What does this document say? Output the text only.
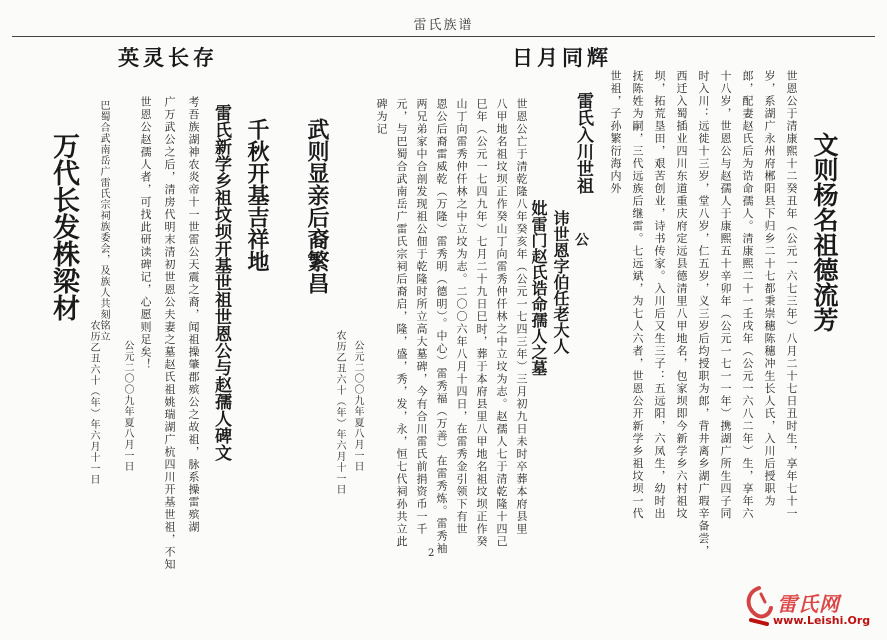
雷氏族谱
英灵长存
万代长发株梁材 巴蜀合武南岳广雷氏宗祠族委会，及族人共刻铭立
农历乙丑六十（年）年六月十一日 公元二〇〇九年夏八月一日
世恩公赵孺人者，可找此研读碑记，心愿则足矣！ 广万武公之后，清房代明末清初世恩公夫妻之墓赵氏祖姚瑞湖广杭四川开基世祖，不知 考吾族湖神农炎帝十一世雷公天震之裔，闻祖操肇郡殡公之故祖，脉系操雷殡湖 雷氏新学乡祖坟坝开基世祖世恩公与赵孺人碑文 千秋开基吉祥地 武则显亲后裔繁昌
公元二〇〇九年夏八月一日
农历乙丑六十（年）年六月十一日
日月同辉
文则杨名祖德流芳
世恩公于清康熙十二癸丑年（公元一六七三年）八月二十七日丑时生，享年七十一
岁，系湖广永州府郴阳县下归乡二十七都秉崇穗陈穗冲生长人氏，入川后授职为
郎，配妻赵氏后为诰命孺人。清康熙二十一壬戌年（公元一六八二年）生，享年六
十八岁，世恩公与赵孺人于康熙五十辛卯年（公元一七一一年）携湖广所生四子同
时入川：远徙十三岁，堂八岁，仁五岁，义三岁后均授职为郎，背井离乡湖广瑕辛备尝，
西迁入蜀插业四川东道重庆府定远县德清里八甲地名，包家坝即今新学乡六村祖坟
坝，拓荒垦田，艰苦创业，诗书传家。入川后又生三子：五远阳，六凤生，幼时出
抚陈姓为嗣，三代远族后继雷。七远斌，为七人六者，世恩公开新学乡祖坟坝一代
世祖，子孙繁衍海内外
雷氏入川世祖
公
讳世恩字伯任老大人
妣雷门赵氏诰命孺人之墓
世恩公亡于清乾隆八年癸亥年（公元一七四三年）三月初九日未时卒葬本府县里
八甲地名祖坟坝正作癸山丁向雷秀仲仟林之中立坟为志。赵孺人七于清乾隆十四己
巳年（公元一七四九年）七月二十九日巳时，葬于本府县里八甲地名祖坟坝正作癸
山丁向雷秀仲仟林之中立坟为志。二〇〇六年八月十四日，在雷秀金引领下有世
恩公后裔雷威乾（万隆）雷秀明（德明）。中心）雷秀福（万善）在雷秀炼。雷秀袖
两兄弟家中合剖发现祖公佃于乾隆时所立高大墓碑，今有合川雷氏前捐资币一千
元，与巴蜀合武南岳广雷氏宗祠后裔启，隆，盛，秀，发，永，恒七代祠孙共立此
碑为记
2
雷氏网
www.Leishi.Org
